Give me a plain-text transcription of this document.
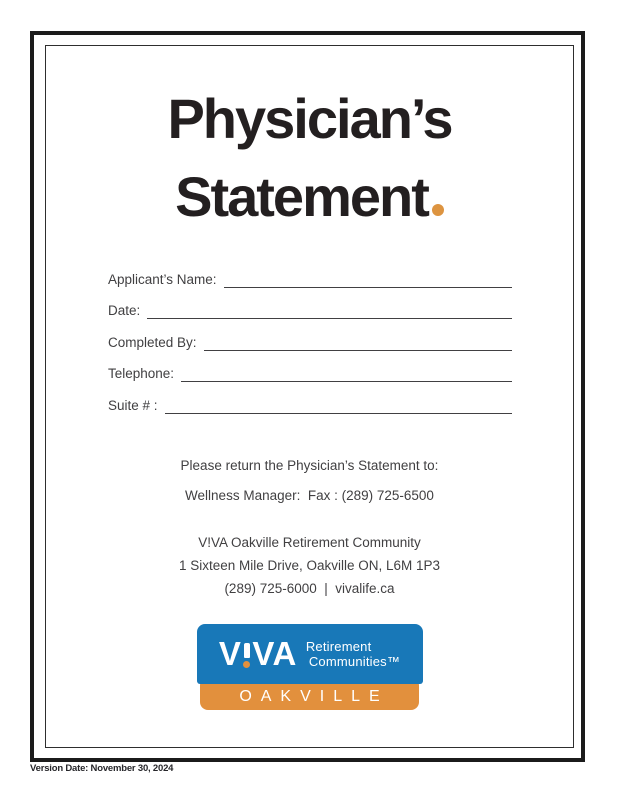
Physician’s
Statement
Applicant’s Name:
Date:
Completed By:
Telephone:
Suite # :
Please return the Physician’s Statement to:
Wellness Manager:  Fax : (289) 725-6500
V!VA Oakville Retirement Community
1 Sixteen Mile Drive, Oakville ON, L6M 1P3
(289) 725-6000  |  vivalife.ca
V VA Retirement
Communities™
OAKVILLE
Version Date: November 30, 2024
